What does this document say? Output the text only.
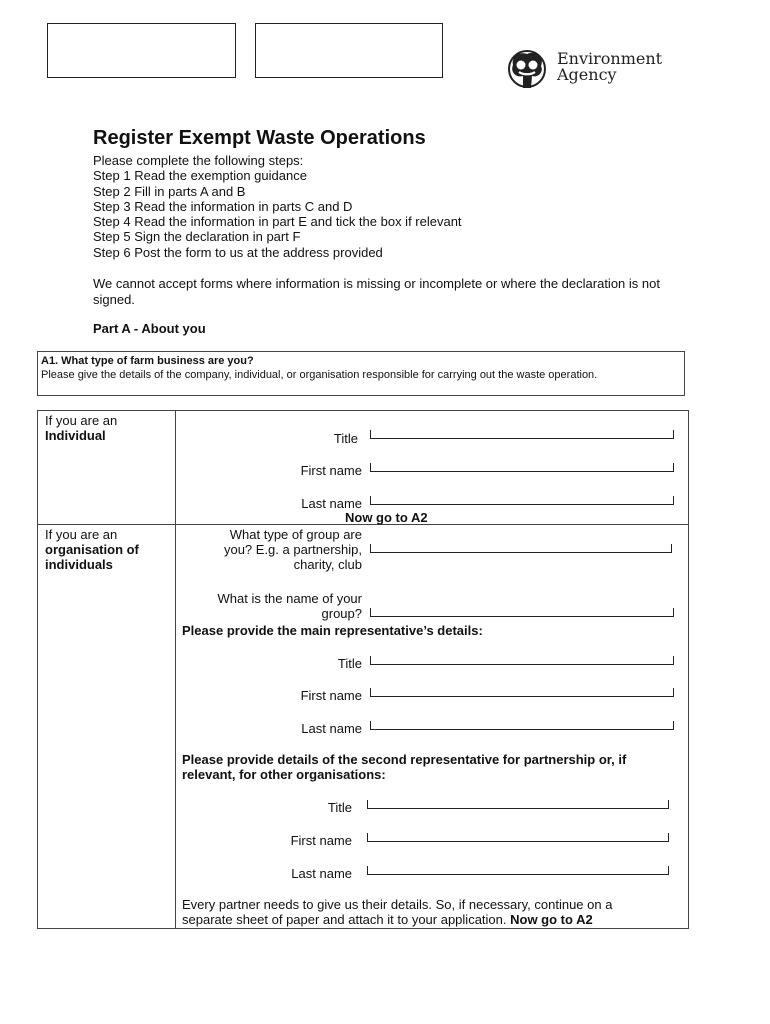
Environment
Agency
Register Exempt Waste Operations
Please complete the following steps:
Step 1 Read the exemption guidance
Step 2 Fill in parts A and B
Step 3 Read the information in parts C and D
Step 4 Read the information in part E and tick the box if relevant
Step 5 Sign the declaration in part F
Step 6 Post the form to us at the address provided
We cannot accept forms where information is missing or incomplete or where the declaration is not signed.
Part A - About you
A1. What type of farm business are you?
Please give the details of the company, individual, or organisation responsible for carrying out the waste operation.
If you are an
Individual	Title
First name
Last name
Now go to A2
If you are an
organisation of
individuals
What type of group are
you? E.g. a partnership,
charity, club
What is the name of your
group?
Please provide the main representative’s details:
Title
First name
Last name
Please provide details of the second representative for partnership or, if
relevant, for other organisations:
Title
First name
Last name
Every partner needs to give us their details. So, if necessary, continue on a
separate sheet of paper and attach it to your application. Now go to A2
